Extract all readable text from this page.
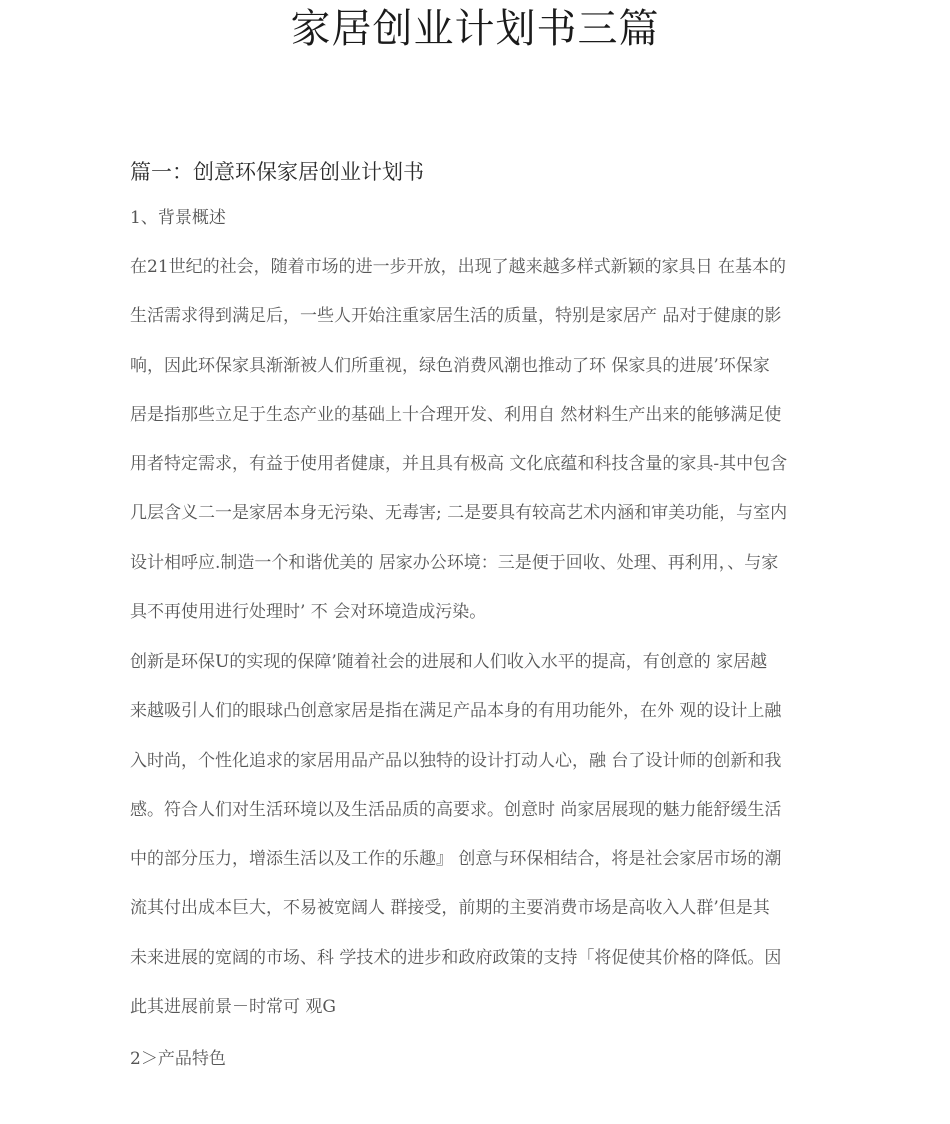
家居创业计划书三篇
篇一：创意环保家居创业计划书

1、背景概述

在21世纪的社会，随着市场的进一步开放，出现了越来越多样式新颖的家具日 在基本的
生活需求得到满足后，一些人开始注重家居生活的质量，特别是家居产 品对于健康的影
响，因此环保家具渐渐被人们所重视，绿色消费风潮也推动了环 保家具的进展’环保家
居是指那些立足于生态产业的基础上十合理开发、利用自 然材料生产出来的能够满足使
用者特定需求，有益于使用者健康，并且具有极高 文化底蕴和科技含量的家具-其中包含
几层含义二一是家居本身无污染、无毒害; 二是要具有较高艺术内涵和审美功能，与室内
设计相呼应.制造一个和谐优美的 居家办公环境：三是便于回收、处理、再利用，、与家
具不再使用进行处理时’ 不 会对环境造成污染。

创新是环保U的实现的保障’随着社会的进展和人们收入水平的提高，有创意的 家居越
来越吸引人们的眼球凸创意家居是指在满足产品本身的有用功能外，在外 观的设计上融
入时尚，个性化追求的家居用品产品以独特的设计打动人心，融 台了设计师的创新和我
感。符合人们对生活环境以及生活品质的高要求。创意时 尚家居展现的魅力能舒缓生活
中的部分压力，增添生活以及工作的乐趣』 创意与环保相结合，将是社会家居市场的潮
流其付出成本巨大，不易被宽阔人 群接受，前期的主要消费市场是高收入人群’但是其
未来进展的宽阔的市场、科 学技术的进步和政府政策的支持「将促使其价格的降低。因
此其进展前景－时常可 观G

2＞产品特色
